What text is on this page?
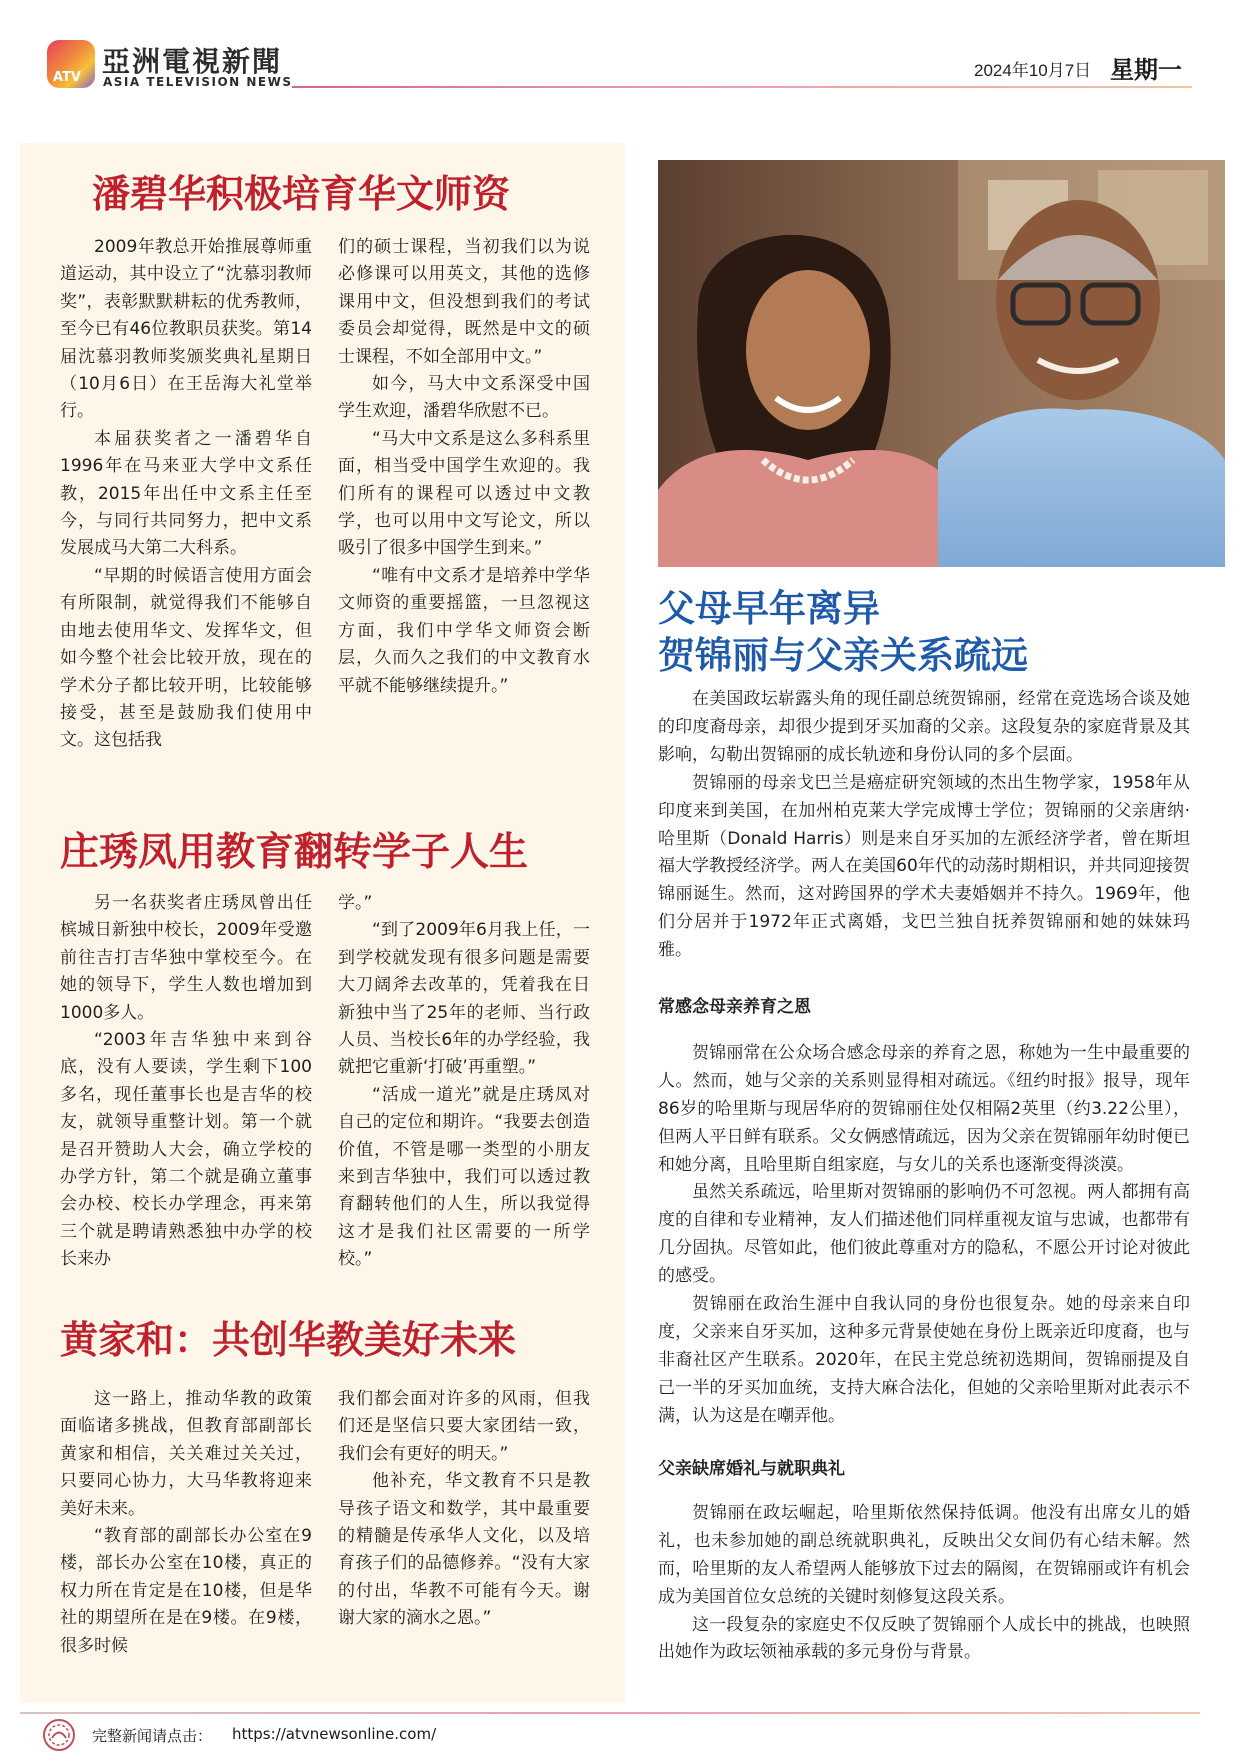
ATV 亞洲電視新聞
ASIA TELEVISION NEWS
2024年10月7日 星期一
潘碧华积极培育华文师资

2009年教总开始推展尊师重道运动，其中设立了“沈慕羽教师奖”，表彰默默耕耘的优秀教师，至今已有46位教职员获奖。第14届沈慕羽教师奖颁奖典礼星期日（10月6日）在王岳海大礼堂举行。

本届获奖者之一潘碧华自1996年在马来亚大学中文系任教，2015年出任中文系主任至今，与同行共同努力，把中文系发展成马大第二大科系。

“早期的时候语言使用方面会有所限制，就觉得我们不能够自由地去使用华文、发挥华文，但如今整个社会比较开放，现在的学术分子都比较开明，比较能够接受，甚至是鼓励我们使用中文。这包括我

们的硕士课程，当初我们以为说必修课可以用英文，其他的选修课用中文，但没想到我们的考试委员会却觉得，既然是中文的硕士课程，不如全部用中文。”

如今，马大中文系深受中国学生欢迎，潘碧华欣慰不已。

“马大中文系是这么多科系里面，相当受中国学生欢迎的。我们所有的课程可以透过中文教学，也可以用中文写论文，所以吸引了很多中国学生到来。”

“唯有中文系才是培养中学华文师资的重要摇篮，一旦忽视这方面，我们中学华文师资会断层，久而久之我们的中文教育水平就不能够继续提升。”

庄琇凤用教育翻转学子人生

另一名获奖者庄琇凤曾出任槟城日新独中校长，2009年受邀前往吉打吉华独中掌校至今。在她的领导下，学生人数也增加到1000多人。

“2003年吉华独中来到谷底，没有人要读，学生剩下100多名，现任董事长也是吉华的校友，就领导重整计划。第一个就是召开赞助人大会，确立学校的办学方针，第二个就是确立董事会办校、校长办学理念，再来第三个就是聘请熟悉独中办学的校长来办

学。”

“到了2009年6月我上任，一到学校就发现有很多问题是需要大刀阔斧去改革的，凭着我在日新独中当了25年的老师、当行政人员、当校长6年的办学经验，我就把它重新‘打破’再重塑。”

“活成一道光”就是庄琇凤对自己的定位和期许。“我要去创造价值，不管是哪一类型的小朋友来到吉华独中，我们可以透过教育翻转他们的人生，所以我觉得这才是我们社区需要的一所学校。”

黄家和：共创华教美好未来

这一路上，推动华教的政策面临诸多挑战，但教育部副部长黄家和相信，关关难过关关过，只要同心协力，大马华教将迎来美好未来。

“教育部的副部长办公室在9楼，部长办公室在10楼，真正的权力所在肯定是在10楼，但是华社的期望所在是在9楼。在9楼，很多时候

我们都会面对许多的风雨，但我们还是坚信只要大家团结一致，我们会有更好的明天。”

他补充，华文教育不只是教导孩子语文和数学，其中最重要的精髓是传承华人文化，以及培育孩子们的品德修养。“没有大家的付出，华教不可能有今天。谢谢大家的滴水之恩。”

父母早年离异
贺锦丽与父亲关系疏远

在美国政坛崭露头角的现任副总统贺锦丽，经常在竞选场合谈及她的印度裔母亲，却很少提到牙买加裔的父亲。这段复杂的家庭背景及其影响，勾勒出贺锦丽的成长轨迹和身份认同的多个层面。

贺锦丽的母亲戈巴兰是癌症研究领域的杰出生物学家，1958年从印度来到美国，在加州柏克莱大学完成博士学位；贺锦丽的父亲唐纳·哈里斯（Donald Harris）则是来自牙买加的左派经济学者，曾在斯坦福大学教授经济学。两人在美国60年代的动荡时期相识，并共同迎接贺锦丽诞生。然而，这对跨国界的学术夫妻婚姻并不持久。1969年，他们分居并于1972年正式离婚，戈巴兰独自抚养贺锦丽和她的妹妹玛雅。

常感念母亲养育之恩

贺锦丽常在公众场合感念母亲的养育之恩，称她为一生中最重要的人。然而，她与父亲的关系则显得相对疏远。《纽约时报》报导，现年86岁的哈里斯与现居华府的贺锦丽住处仅相隔2英里（约3.22公里），但两人平日鲜有联系。父女俩感情疏远，因为父亲在贺锦丽年幼时便已和她分离，且哈里斯自组家庭，与女儿的关系也逐渐变得淡漠。

虽然关系疏远，哈里斯对贺锦丽的影响仍不可忽视。两人都拥有高度的自律和专业精神，友人们描述他们同样重视友谊与忠诚，也都带有几分固执。尽管如此，他们彼此尊重对方的隐私，不愿公开讨论对彼此的感受。

贺锦丽在政治生涯中自我认同的身份也很复杂。她的母亲来自印度，父亲来自牙买加，这种多元背景使她在身份上既亲近印度裔，也与非裔社区产生联系。2020年，在民主党总统初选期间，贺锦丽提及自己一半的牙买加血统，支持大麻合法化，但她的父亲哈里斯对此表示不满，认为这是在嘲弄他。

父亲缺席婚礼与就职典礼

贺锦丽在政坛崛起，哈里斯依然保持低调。他没有出席女儿的婚礼，也未参加她的副总统就职典礼，反映出父女间仍有心结未解。然而，哈里斯的友人希望两人能够放下过去的隔阂，在贺锦丽或许有机会成为美国首位女总统的关键时刻修复这段关系。

这一段复杂的家庭史不仅反映了贺锦丽个人成长中的挑战，也映照出她作为政坛领袖承载的多元身份与背景。

完整新闻请点击： https://atvnewsonline.com/
